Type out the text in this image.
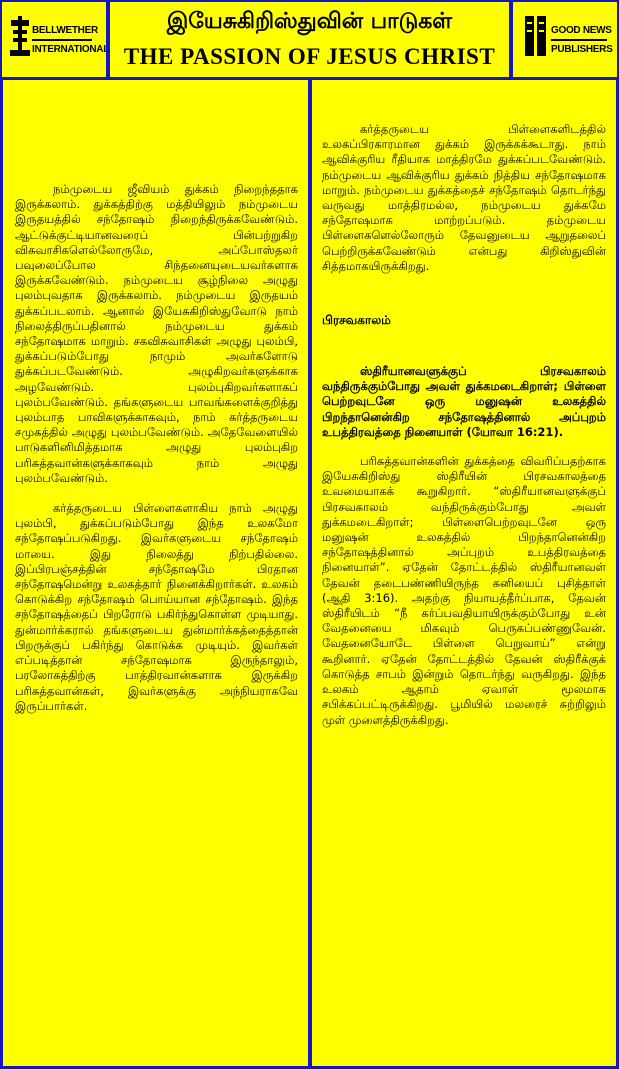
BELLWETHER
INTERNATIONAL
இயேசுகிறிஸ்துவின் பாடுகள்
THE PASSION OF JESUS CHRIST
GOOD NEWS
PUBLISHERS

நம்முடைய ஜீவியம் துக்கம் நிறைந்ததாக இருக்கலாம். துக்கத்திற்கு மத்தியிலும் நம்முடைய இருதயத்தில் சந்தோஷம் நிறைந்திருக்கவேண்டும். ஆட்டுக்குட்டியானவரைப் பின்பற்றுகிற விசுவாசிகளெல்லோருமே, அப்போஸ்தலர் பவுலைப்போல சிந்தனையுடையவர்களாக இருக்கவேண்டும். நம்முடைய சூழ்நிலை அழுது புலம்புவதாக இருக்கலாம். நம்முடைய இருதயம் துக்கப்படலாம். ஆனால் இயேசுகிறிஸ்துவோடு நாம் நிலைத்திருப்பதினால் நம்முடைய துக்கம் சந்தோஷமாக மாறும். சகவிசுவாசிகள் அழுது புலம்பி, துக்கப்படும்போது நாமும் அவர்களோடு துக்கப்படவேண்டும். அழுகிறவர்களுக்காக அழவேண்டும். புலம்புகிறவர்களாகப் புலம்பவேண்டும். தங்களுடைய பாவங்களைக்குறித்து புலம்பாத பாவிகளுக்காகவும், நாம் கர்த்தருடைய சமுகத்தில் அழுது புலம்பவேண்டும். அதேவேளையில் பாடுகளினிமித்தமாக அழுது புலம்புகிற பரிசுத்தவான்களுக்காகவும் நாம் அழுது புலம்பவேண்டும்.

கர்த்தருடைய பிள்ளைகளாகிய நாம் அழுது புலம்பி, துக்கப்படும்போது இந்த உலகமோ சந்தோஷப்படுகிறது. இவர்களுடைய சந்தோஷம் மாயை. இது நிலைத்து நிற்பதில்லை. இப்பிரபஞ்சத்தின் சந்தோஷமே பிரதான சந்தோஷமென்று உலகத்தார் நினைக்கிறார்கள். உலகம் கொடுக்கிற சந்தோஷம் பொய்யான சந்தோஷம். இந்த சந்தோஷத்தைப் பிறரோடு பகிர்ந்துகொள்ள முடியாது. துன்மார்க்கரால் தங்களுடைய துன்மார்க்கத்தைத்தான் பிறருக்குப் பகிர்ந்து கொடுக்க முடியும். இவர்கள் எப்படித்தான் சந்தோஷமாக இருந்தாலும், பரலோகத்திற்கு பாத்திரவான்களாக இருக்கிற பரிசுத்தவான்கள், இவர்களுக்கு அந்நியராகவே இருப்பார்கள்.

கர்த்தருடைய பிள்ளைகளிடத்தில் உலகப்பிரகாரமான துக்கம் இருக்கக்கூடாது. நாம் ஆவிக்குரிய ரீதியாக மாத்திரமே துக்கப்படவேண்டும். நம்முடைய ஆவிக்குரிய துக்கம் நித்திய சந்தோஷமாக மாறும். நம்முடைய துக்கத்தைச் சந்தோஷம் தொடர்ந்து வருவது மாத்திரமல்ல, நம்முடைய துக்கமே சந்தோஷமாக மாற்றப்படும். தம்முடைய பிள்ளைகளெல்லோரும் தேவனுடைய ஆறுதலைப் பெற்றிருக்கவேண்டும் என்பது கிறிஸ்துவின் சித்தமாகயிருக்கிறது.

பிரசவகாலம்
ஸ்திரீயானவளுக்குப் பிரசவகாலம் வந்திருக்கும்போது அவள் துக்கமடைகிறாள்; பிள்ளை பெற்றவுடனே ஒரு மனுஷன் உலகத்தில் பிறந்தானென்கிற சந்தோஷத்தினால் அப்புறம் உபத்திரவத்தை நினையாள் (யோவா 16:21).

பரிசுத்தவான்களின் துக்கத்தை விவரிப்பதற்காக இயேசுகிறிஸ்து ஸ்திரீயின் பிரசவகாலத்தை உவமையாகக் கூறுகிறார். “ஸ்திரீயானவளுக்குப் பிரசவகாலம் வந்திருக்கும்போது அவள் துக்கமடைகிறாள்; பிள்ளைபெற்றவுடனே ஒரு மனுஷன் உலகத்தில் பிறந்தானென்கிற சந்தோஷத்தினால் அப்புறம் உபத்திரவத்தை நினையாள்”. ஏதேன் தோட்டத்தில் ஸ்திரீயானவள் தேவன் தடைபண்ணியிருந்த கனியைப் புசித்தாள் (ஆதி 3:16). அதற்கு நியாயத்தீர்ப்பாக, தேவன் ஸ்திரீயிடம் “நீ கர்ப்பவதியாயிருக்கும்போது உன் வேதனையை மிகவும் பெருகப்பண்ணுவேன். வேதனையோடே பிள்ளை பெறுவாய்” என்று கூறினார். ஏதேன் தோட்டத்தில் தேவன் ஸ்திரீக்குக் கொடுத்த சாபம் இன்றும் தொடர்ந்து வருகிறது. இந்த உலகம் ஆதாம் ஏவாள் மூலமாக சபிக்கப்பட்டிருக்கிறது. பூமியில் மலரைச் சுற்றிலும் முள் முளைத்திருக்கிறது.
